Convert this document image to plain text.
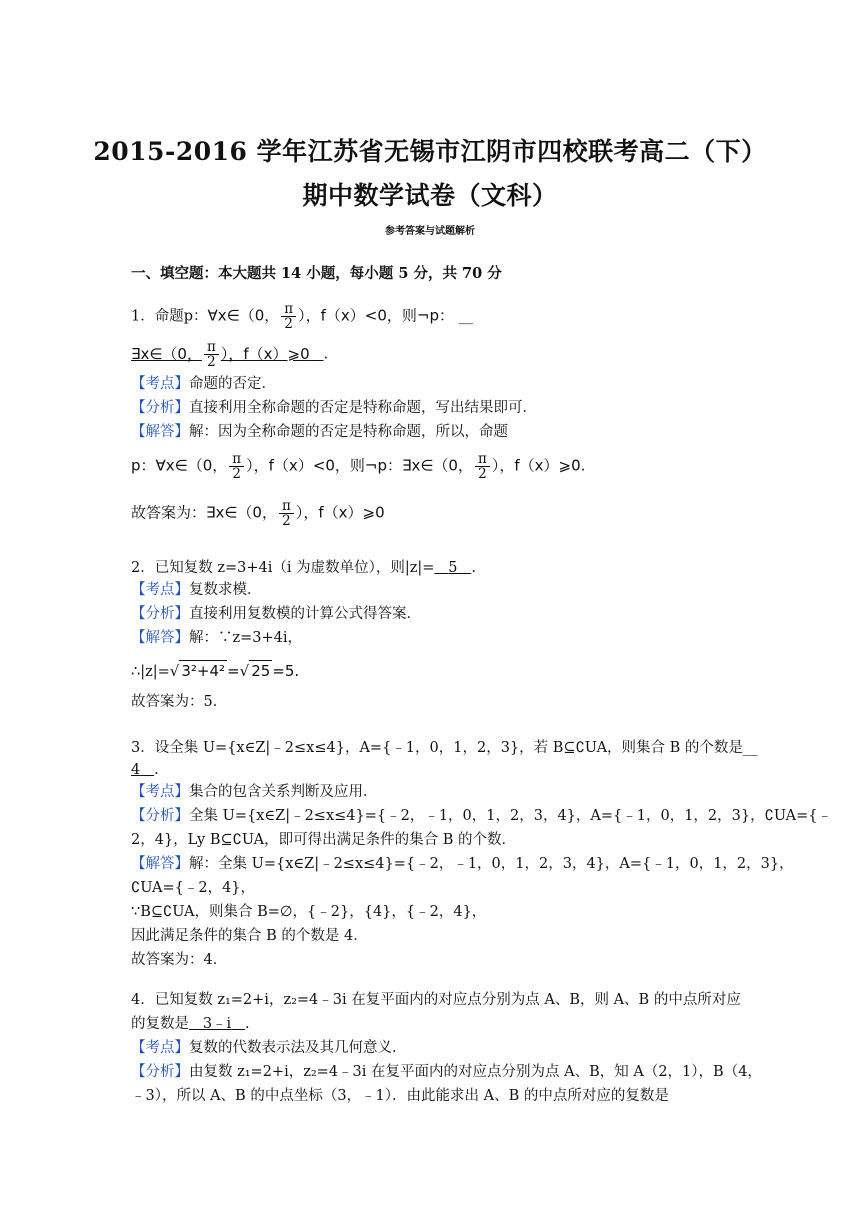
2015-2016 学年江苏省无锡市江阴市四校联考高二（下）
期中数学试卷（文科）
参考答案与试题解析
一、填空题：本大题共 14 小题，每小题 5 分，共 70 分
1．命题p：∀x∈（0， $\frac{\pi}{2}$ ），f（x）<0，则¬p： __
∃x∈（0， $\frac{\pi}{2}$ ），f（x）⩾0 .
【考点】命题的否定．
【分析】直接利用全称命题的否定是特称命题，写出结果即可．
【解答】解：因为全称命题的否定是特称命题，所以，命题
p：∀x∈（0， $\frac{\pi}{2}$ ），f（x）<0，则¬p：∃x∈（0， $\frac{\pi}{2}$ ），f（x）⩾0.
故答案为：∃x∈（0， $\frac{\pi}{2}$ ），f（x）⩾0
2．已知复数 z=3+4i（i 为虚数单位），则|z|= 5 .
【考点】复数求模．
【分析】直接利用复数模的计算公式得答案．
【解答】解：∵z=3+4i，
∴|z|=√ 3²+4² =√ 25 =5.
故答案为：5．
3．设全集 U={x∈Z|﹣2≤x≤4}，A={﹣1，0，1，2，3}，若 B⊆∁UA，则集合 B 的个数是__
4 .
【考点】集合的包含关系判断及应用．
【分析】全集 U={x∈Z|﹣2≤x≤4}={﹣2，﹣1，0，1，2，3，4}，A={﹣1，0，1，2，3}，∁UA={﹣
2，4}，Ly B⊆∁UA，即可得出满足条件的集合 B 的个数．
【解答】解：全集 U={x∈Z|﹣2≤x≤4}={﹣2，﹣1，0，1，2，3，4}，A={﹣1，0，1，2，3}，
∁UA={﹣2，4}，
∵B⊆∁UA，则集合 B=∅，{﹣2}，{4}，{﹣2，4}，
因此满足条件的集合 B 的个数是 4．
故答案为：4．
4．已知复数 z₁=2+i，z₂=4﹣3i 在复平面内的对应点分别为点 A、B，则 A、B 的中点所对应
的复数是 3﹣i .
【考点】复数的代数表示法及其几何意义．
【分析】由复数 z₁=2+i，z₂=4﹣3i 在复平面内的对应点分别为点 A、B，知 A（2，1），B（4，
﹣3），所以 A、B 的中点坐标（3，﹣1）．由此能求出 A、B 的中点所对应的复数是
